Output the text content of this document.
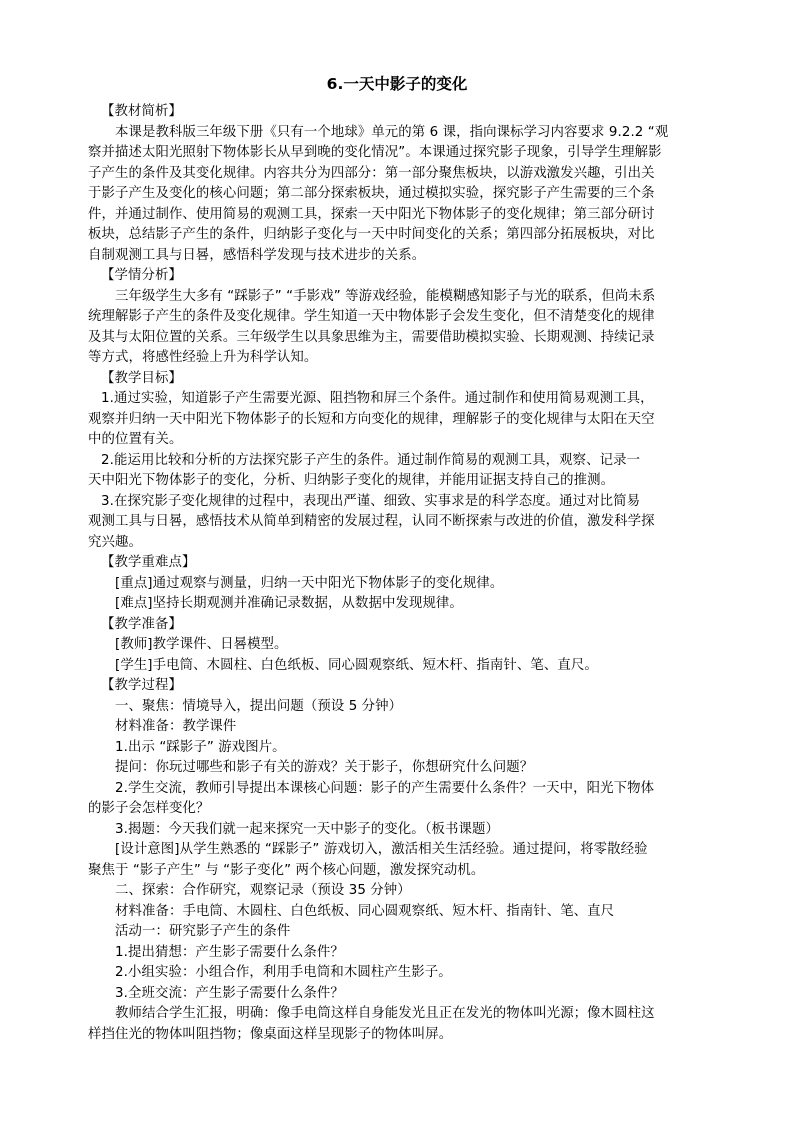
6.一天中影子的变化
【教材简析】
本课是教科版三年级下册《只有一个地球》单元的第 6 课，指向课标学习内容要求 9.2.2 “观
察并描述太阳光照射下物体影长从早到晚的变化情况”。本课通过探究影子现象，引导学生理解影
子产生的条件及其变化规律。内容共分为四部分：第一部分聚焦板块，以游戏激发兴趣，引出关
于影子产生及变化的核心问题；第二部分探索板块，通过模拟实验，探究影子产生需要的三个条
件，并通过制作、使用简易的观测工具，探索一天中阳光下物体影子的变化规律；第三部分研讨
板块，总结影子产生的条件，归纳影子变化与一天中时间变化的关系；第四部分拓展板块，对比
自制观测工具与日晷，感悟科学发现与技术进步的关系。
【学情分析】
三年级学生大多有 “踩影子” “手影戏” 等游戏经验，能模糊感知影子与光的联系，但尚未系
统理解影子产生的条件及变化规律。学生知道一天中物体影子会发生变化，但不清楚变化的规律
及其与太阳位置的关系。三年级学生以具象思维为主，需要借助模拟实验、长期观测、持续记录
等方式，将感性经验上升为科学认知。
【教学目标】
1.通过实验，知道影子产生需要光源、阻挡物和屏三个条件。通过制作和使用简易观测工具，
观察并归纳一天中阳光下物体影子的长短和方向变化的规律，理解影子的变化规律与太阳在天空
中的位置有关。
2.能运用比较和分析的方法探究影子产生的条件。通过制作简易的观测工具，观察、记录一
天中阳光下物体影子的变化，分析、归纳影子变化的规律，并能用证据支持自己的推测。
3.在探究影子变化规律的过程中，表现出严谨、细致、实事求是的科学态度。通过对比简易
观测工具与日晷，感悟技术从简单到精密的发展过程，认同不断探索与改进的价值，激发科学探
究兴趣。
【教学重难点】
[重点]通过观察与测量，归纳一天中阳光下物体影子的变化规律。
[难点]坚持长期观测并准确记录数据，从数据中发现规律。
【教学准备】
[教师]教学课件、日晷模型。
[学生]手电筒、木圆柱、白色纸板、同心圆观察纸、短木杆、指南针、笔、直尺。
【教学过程】
一、聚焦：情境导入，提出问题（预设 5 分钟）
材料准备：教学课件
1.出示 “踩影子” 游戏图片。
提问：你玩过哪些和影子有关的游戏？关于影子，你想研究什么问题？
2.学生交流，教师引导提出本课核心问题：影子的产生需要什么条件？一天中，阳光下物体
的影子会怎样变化？
3.揭题：今天我们就一起来探究一天中影子的变化。（板书课题）
[设计意图]从学生熟悉的 “踩影子” 游戏切入，激活相关生活经验。通过提问，将零散经验
聚焦于 “影子产生” 与 “影子变化” 两个核心问题，激发探究动机。
二、探索：合作研究，观察记录（预设 35 分钟）
材料准备：手电筒、木圆柱、白色纸板、同心圆观察纸、短木杆、指南针、笔、直尺
活动一：研究影子产生的条件
1.提出猜想：产生影子需要什么条件？
2.小组实验：小组合作，利用手电筒和木圆柱产生影子。
3.全班交流：产生影子需要什么条件？
教师结合学生汇报，明确：像手电筒这样自身能发光且正在发光的物体叫光源；像木圆柱这
样挡住光的物体叫阻挡物；像桌面这样呈现影子的物体叫屏。
